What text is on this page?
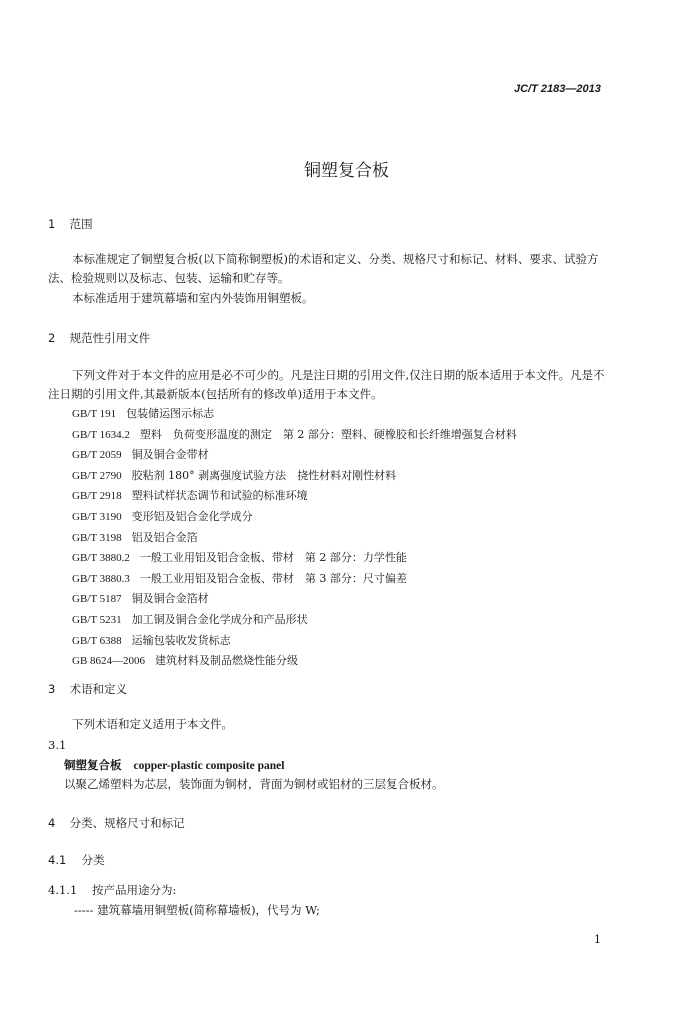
JC/T 2183—2013
铜塑复合板
1 范围
本标准规定了铜塑复合板(以下简称铜塑板)的术语和定义、分类、规格尺寸和标记、材料、要求、试验方法、检验规则以及标志、包装、运输和贮存等。
本标准适用于建筑幕墙和室内外装饰用铜塑板。
2 规范性引用文件
下列文件对于本文件的应用是必不可少的。凡是注日期的引用文件,仅注日期的版本适用于本文件。凡是不注日期的引用文件,其最新版本(包括所有的修改单)适用于本文件。
GB/T 191 包装储运图示标志
GB/T 1634.2 塑料　负荷变形温度的测定　第 2 部分：塑料、硬橡胶和长纤维增强复合材料
GB/T 2059 铜及铜合金带材
GB/T 2790 胶粘剂 180° 剥离强度试验方法　挠性材料对刚性材料
GB/T 2918 塑料试样状态调节和试验的标准环境
GB/T 3190 变形铝及铝合金化学成分
GB/T 3198 铝及铝合金箔
GB/T 3880.2 一般工业用铝及铝合金板、带材　第 2 部分：力学性能
GB/T 3880.3 一般工业用铝及铝合金板、带材　第 3 部分：尺寸偏差
GB/T 5187 铜及铜合金箔材
GB/T 5231 加工铜及铜合金化学成分和产品形状
GB/T 6388 运输包装收发货标志
GB 8624—2006 建筑材料及制品燃烧性能分级
3 术语和定义
下列术语和定义适用于本文件。
3.1
铜塑复合板 copper-plastic composite panel
以聚乙烯塑料为芯层，装饰面为铜材，背面为铜材或铝材的三层复合板材。
4 分类、规格尺寸和标记
4.1 分类
4.1.1 按产品用途分为:
----- 建筑幕墙用铜塑板(简称幕墙板)，代号为 W;
1
